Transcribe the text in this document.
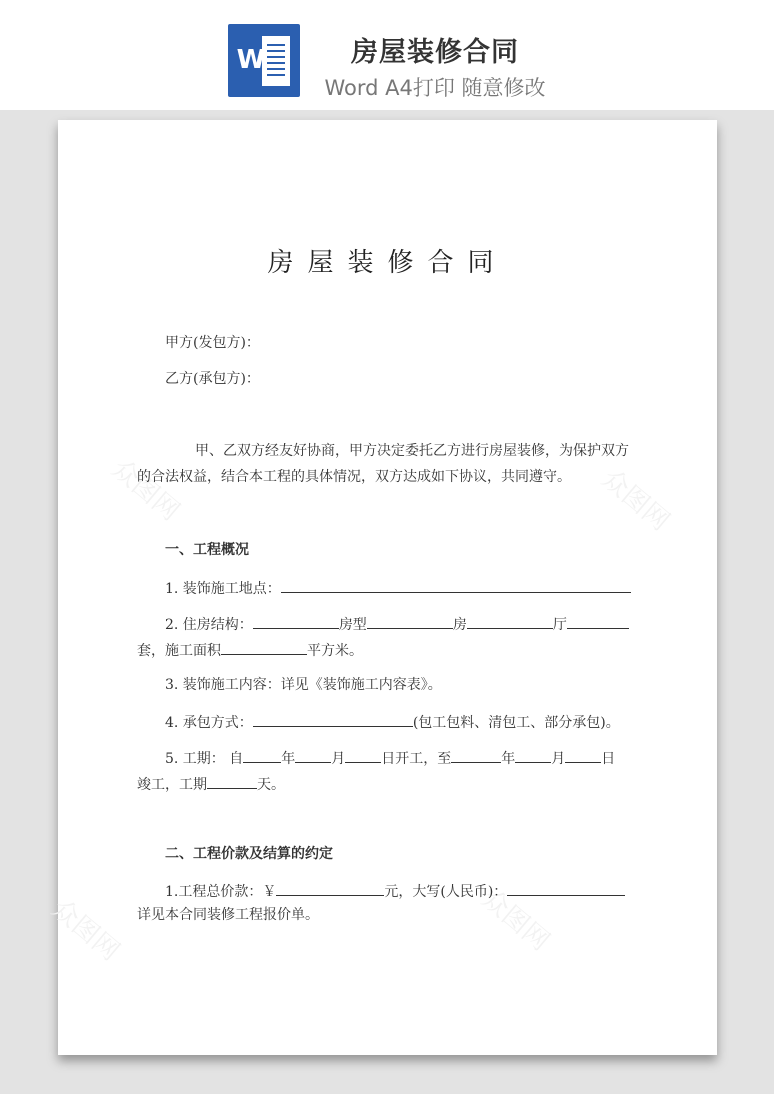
W	房屋装修合同
Word A4打印 随意修改
众图网	众图网
众图网	众图网
房屋装修合同
甲方(发包方)：
乙方(承包方)：
甲、乙双方经友好协商，甲方决定委托乙方进行房屋装修，为保护双方
的合法权益，结合本工程的具体情况，双方达成如下协议，共同遵守。
一、工程概况
1. 装饰施工地点：
2. 住房结构：	房型	房	厅
套，施工面积	平方米。
3. 装饰施工内容：详见《装饰施工内容表》。
4. 承包方式：	(包工包料、清包工、部分承包)。
5. 工期： 自	年	月	日开工，至	年	月	日
竣工，工期	天。
二、工程价款及结算的约定
1.工程总价款：￥	元，大写(人民币)：
详见本合同装修工程报价单。
